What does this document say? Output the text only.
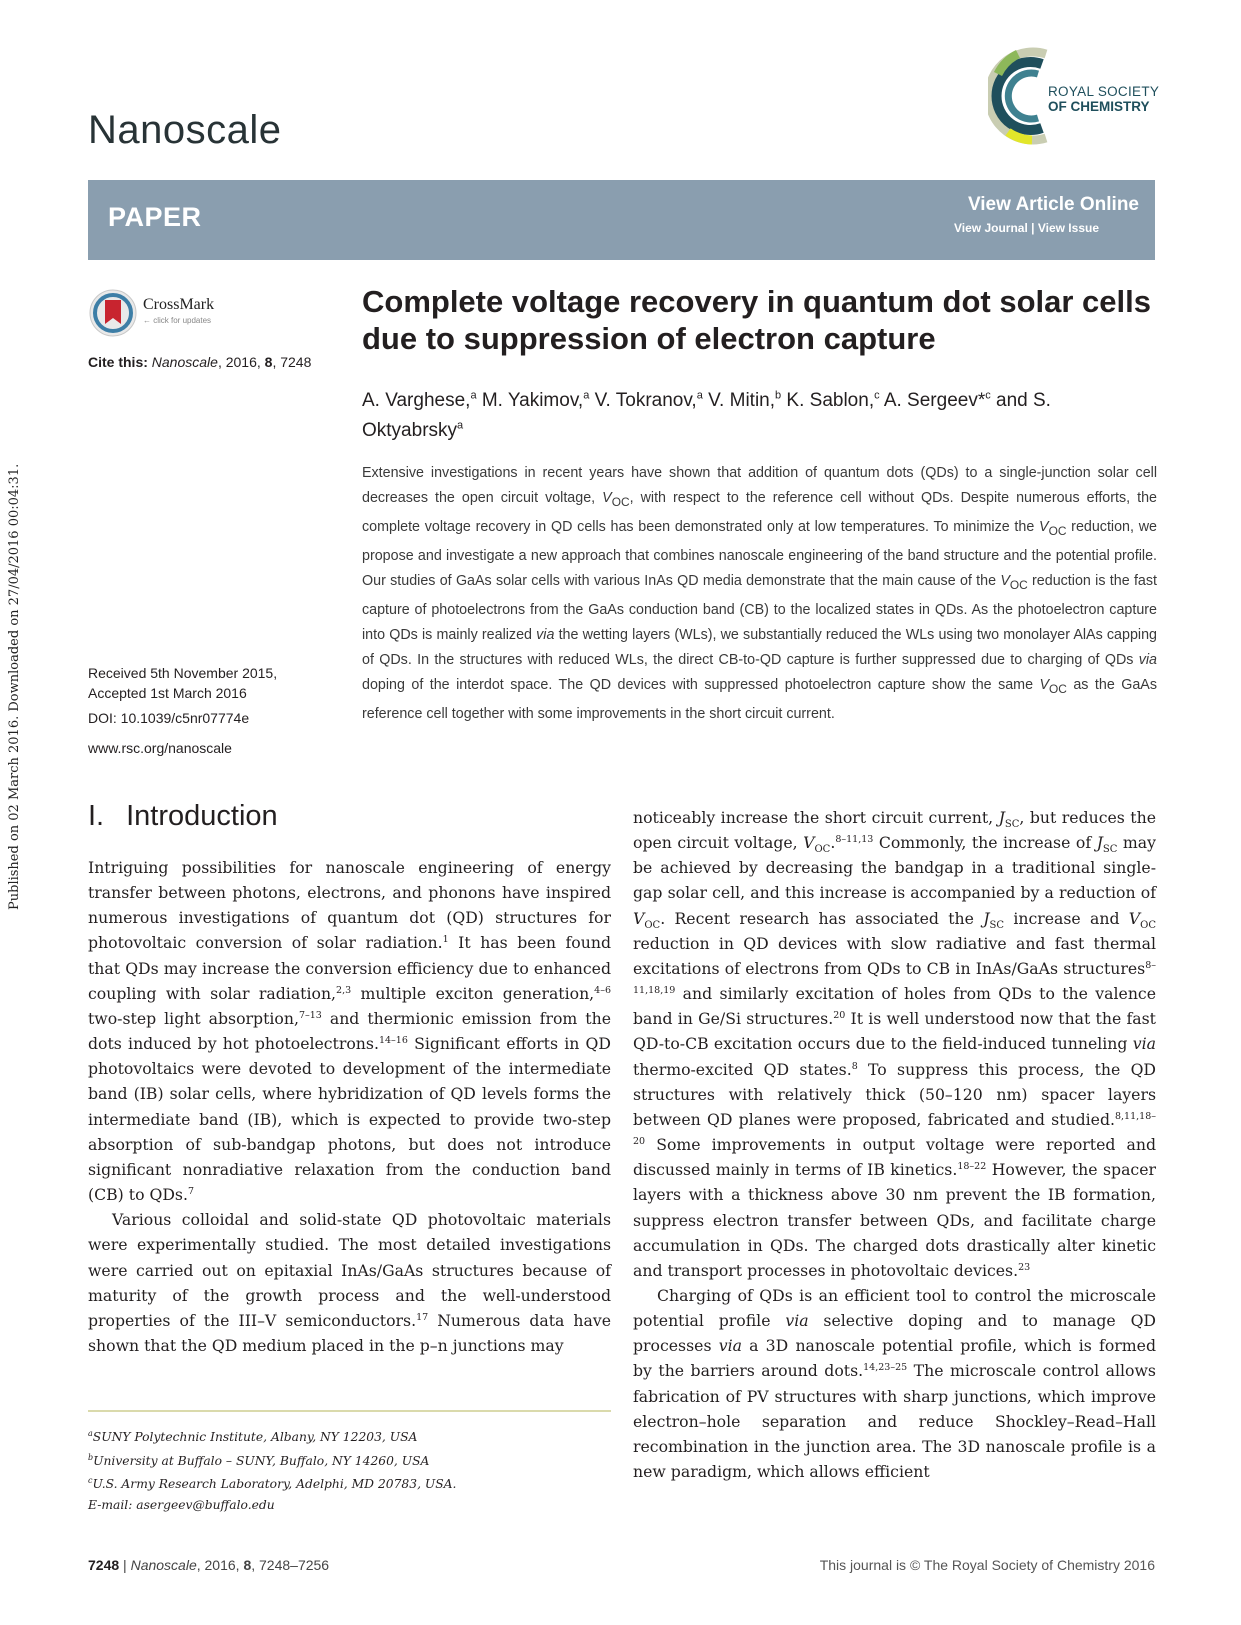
Published on 02 March 2016. Downloaded on 27/04/2016 00:04:31.
Nanoscale
ROYAL SOCIETY
OF CHEMISTRY
PAPER	View Article Online
View Journal | View Issue
CrossMark
← click for updates
Cite this: Nanoscale, 2016, 8, 7248
Received 5th November 2015,
Accepted 1st March 2016
DOI: 10.1039/c5nr07774e
www.rsc.org/nanoscale
Complete voltage recovery in quantum dot solar cells due to suppression of electron capture
A. Varghese,$^a$ M. Yakimov,$^a$ V. Tokranov,$^a$ V. Mitin,$^b$ K. Sablon,$^c$ A. Sergeev*$^c$ and S. Oktyabrsky$^a$
Extensive investigations in recent years have shown that addition of quantum dots (QDs) to a single-junction solar cell decreases the open circuit voltage, $V_{OC}$, with respect to the reference cell without QDs. Despite numerous efforts, the complete voltage recovery in QD cells has been demonstrated only at low temperatures. To minimize the $V_{OC}$ reduction, we propose and investigate a new approach that combines nanoscale engineering of the band structure and the potential profile. Our studies of GaAs solar cells with various InAs QD media demonstrate that the main cause of the $V_{OC}$ reduction is the fast capture of photoelectrons from the GaAs conduction band (CB) to the localized states in QDs. As the photoelectron capture into QDs is mainly realized via the wetting layers (WLs), we substantially reduced the WLs using two monolayer AlAs capping of QDs. In the structures with reduced WLs, the direct CB-to-QD capture is further suppressed due to charging of QDs via doping of the interdot space. The QD devices with suppressed photoelectron capture show the same $V_{OC}$ as the GaAs reference cell together with some improvements in the short circuit current.
I. Introduction

Intriguing possibilities for nanoscale engineering of energy transfer between photons, electrons, and phonons have inspired numerous investigations of quantum dot (QD) structures for photovoltaic conversion of solar radiation.$^1$ It has been found that QDs may increase the conversion efficiency due to enhanced coupling with solar radiation,$^{2,3}$ multiple exciton generation,$^{4-6}$ two-step light absorption,$^{7-13}$ and thermionic emission from the dots induced by hot photoelectrons.$^{14-16}$ Significant efforts in QD photovoltaics were devoted to development of the intermediate band (IB) solar cells, where hybridization of QD levels forms the intermediate band (IB), which is expected to provide two-step absorption of sub-bandgap photons, but does not introduce significant nonradiative relaxation from the conduction band (CB) to QDs.$^7$

Various colloidal and solid-state QD photovoltaic materials were experimentally studied. The most detailed investigations were carried out on epitaxial InAs/GaAs structures because of maturity of the growth process and the well-understood properties of the III–V semiconductors.$^{17}$ Numerous data have shown that the QD medium placed in the p–n junctions may

noticeably increase the short circuit current, $J_{SC}$, but reduces the open circuit voltage, $V_{OC}.^{8-11,13}$ Commonly, the increase of $J_{SC}$ may be achieved by decreasing the bandgap in a traditional single-gap solar cell, and this increase is accompanied by a reduction of $V_{OC}$. Recent research has associated the $J_{SC}$ increase and $V_{OC}$ reduction in QD devices with slow radiative and fast thermal excitations of electrons from QDs to CB in InAs/GaAs structures$^{8-11,18,19}$ and similarly excitation of holes from QDs to the valence band in Ge/Si structures.$^{20}$ It is well understood now that the fast QD-to-CB excitation occurs due to the field-induced tunneling via thermo-excited QD states.$^8$ To suppress this process, the QD structures with relatively thick (50–120 nm) spacer layers between QD planes were proposed, fabricated and studied.$^{8,11,18-20}$ Some improvements in output voltage were reported and discussed mainly in terms of IB kinetics.$^{18-22}$ However, the spacer layers with a thickness above 30 nm prevent the IB formation, suppress electron transfer between QDs, and facilitate charge accumulation in QDs. The charged dots drastically alter kinetic and transport processes in photovoltaic devices.$^{23}$

Charging of QDs is an efficient tool to control the microscale potential profile via selective doping and to manage QD processes via a 3D nanoscale potential profile, which is formed by the barriers around dots.$^{14,23-25}$ The microscale control allows fabrication of PV structures with sharp junctions, which improve electron–hole separation and reduce Shockley–Read–Hall recombination in the junction area. The 3D nanoscale profile is a new paradigm, which allows efficient

$^a$SUNY Polytechnic Institute, Albany, NY 12203, USA
$^b$University at Buffalo – SUNY, Buffalo, NY 14260, USA
$^c$U.S. Army Research Laboratory, Adelphi, MD 20783, USA.
E-mail: asergeev@buffalo.edu
7248 | Nanoscale, 2016, 8, 7248–7256	This journal is © The Royal Society of Chemistry 2016
